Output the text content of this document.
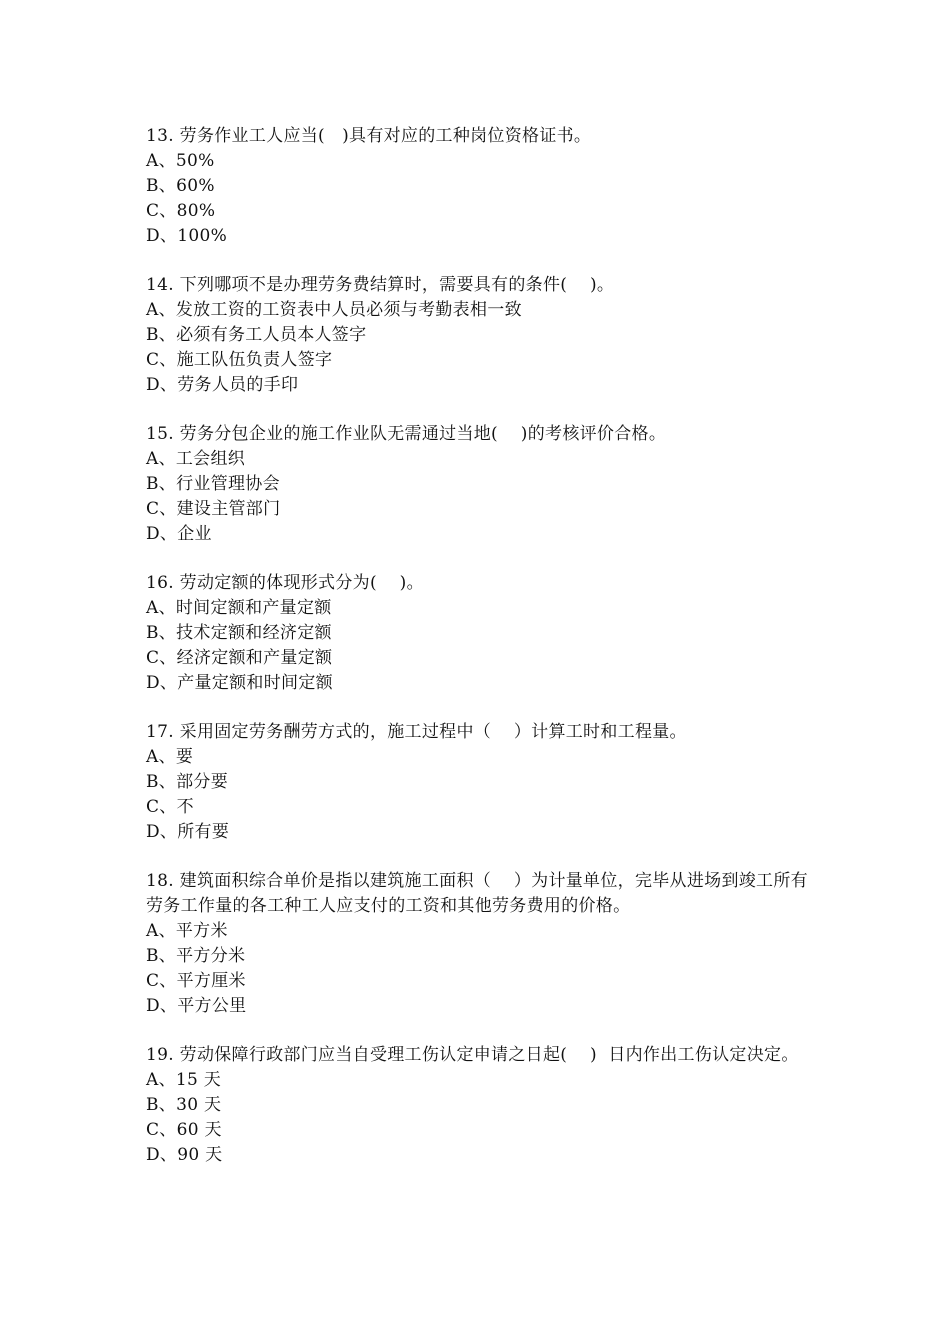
13. 劳务作业工人应当(   )具有对应的工种岗位资格证书。

A、50%

B、60%

C、80%

D、100%

14. 下列哪项不是办理劳务费结算时，需要具有的条件(    )。

A、发放工资的工资表中人员必须与考勤表相一致

B、必须有务工人员本人签字

C、施工队伍负责人签字

D、劳务人员的手印

15. 劳务分包企业的施工作业队无需通过当地(    )的考核评价合格。

A、工会组织

B、行业管理协会

C、建设主管部门

D、企业

16. 劳动定额的体现形式分为(    )。

A、时间定额和产量定额

B、技术定额和经济定额

C、经济定额和产量定额

D、产量定额和时间定额

17. 采用固定劳务酬劳方式的，施工过程中（    ）计算工时和工程量。

A、要

B、部分要

C、不

D、所有要

18. 建筑面积综合单价是指以建筑施工面积（    ）为计量单位，完毕从进场到竣工所有劳务工作量的各工种工人应支付的工资和其他劳务费用的价格。

A、平方米

B、平方分米

C、平方厘米

D、平方公里

19. 劳动保障行政部门应当自受理工伤认定申请之日起(    )  日内作出工伤认定决定。

A、15 天

B、30 天

C、60 天

D、90 天
